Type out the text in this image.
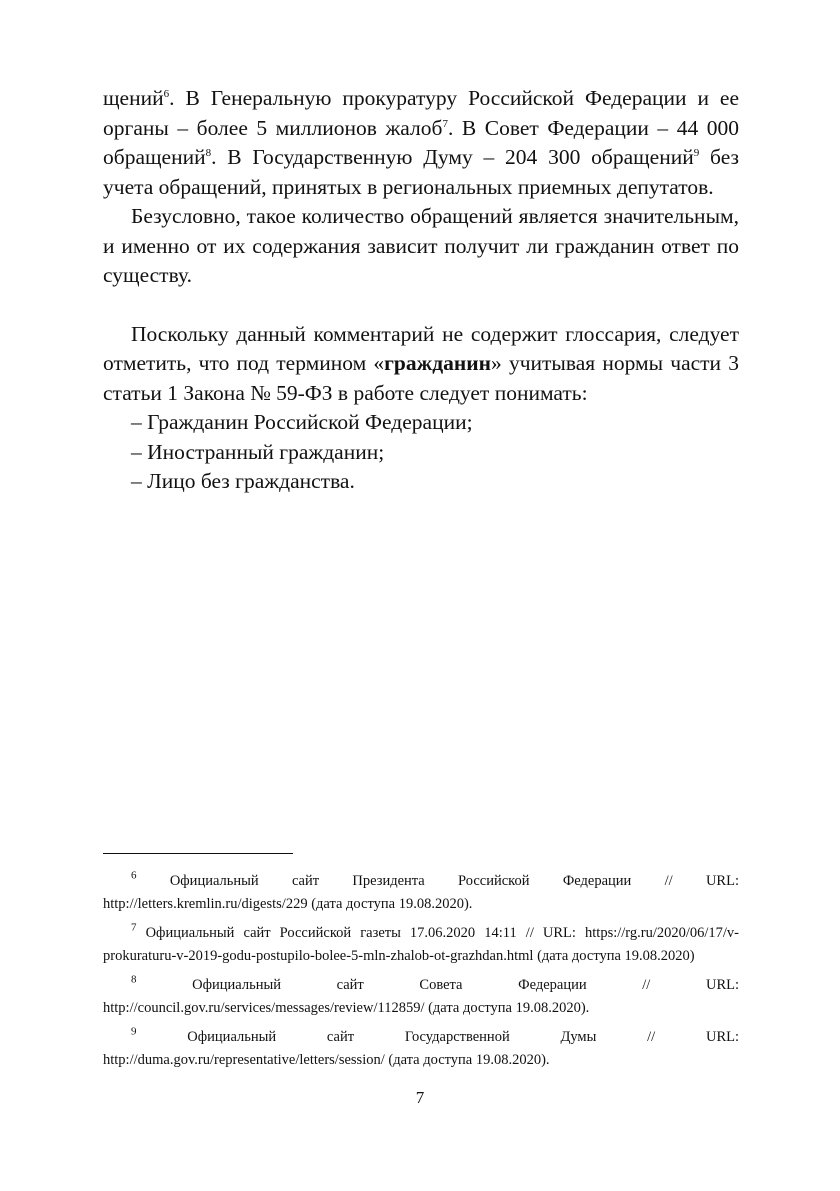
щений$^6$. В Генеральную прокуратуру Российской Федерации и ее органы – более 5 миллионов жалоб$^7$. В Совет Федерации – 44 000 обращений$^8$. В Государственную Думу – 204 300 обращений$^9$ без учета обращений, принятых в региональных приемных депутатов.

Безусловно, такое количество обращений является значительным, и именно от их содержания зависит получит ли гражданин ответ по существу.

Поскольку данный комментарий не содержит глоссария, следует отметить, что под термином «гражданин» учитывая нормы части 3 статьи 1 Закона № 59-ФЗ в работе следует понимать:

– Гражданин Российской Федерации;

– Иностранный гражданин;

– Лицо без гражданства.

$^6$ Официальный сайт Президента Российской Федерации // URL: http://letters.kremlin.ru/digests/229 (дата доступа 19.08.2020).

$^7$ Официальный сайт Российской газеты 17.06.2020 14:11 // URL: https://rg.ru/2020/06/17/v-prokuraturu-v-2019-godu-postupilo-bolee-5-mln-zhalob-ot-grazhdan.html (дата доступа 19.08.2020)

$^8$	Официальный сайт Совета Федерации // URL: http://council.gov.ru/services/messages/review/112859/ (дата доступа 19.08.2020).

$^9$	Официальный сайт Государственной Думы // URL: http://duma.gov.ru/representative/letters/session/ (дата доступа 19.08.2020).

7
